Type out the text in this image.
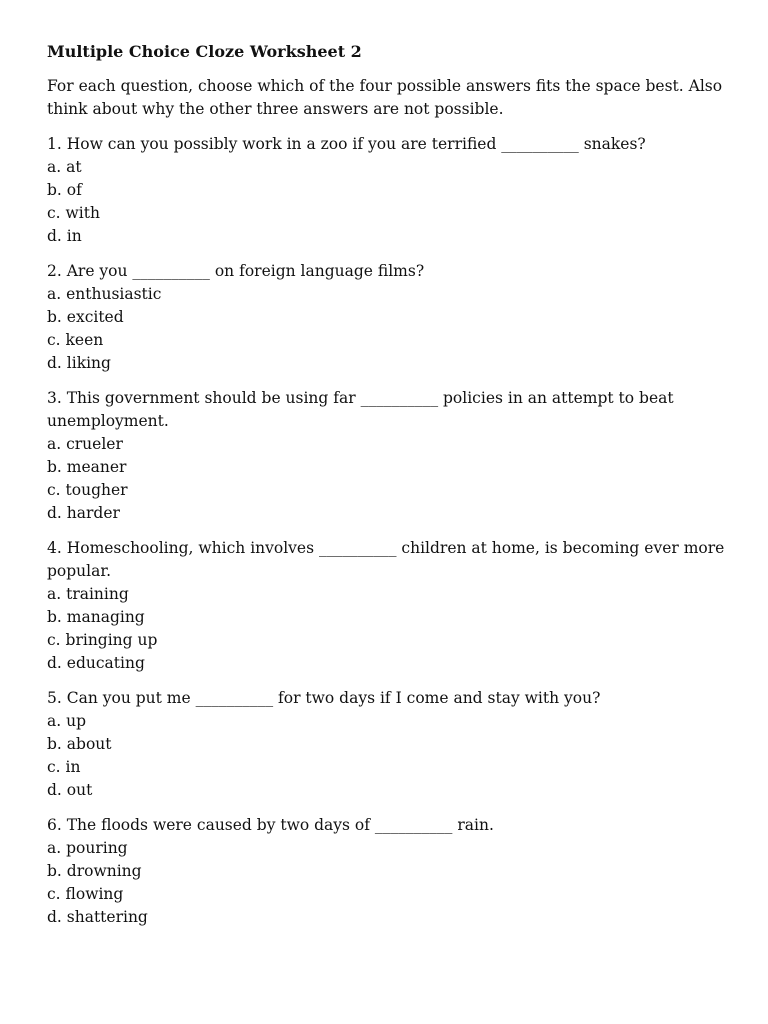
Multiple Choice Cloze Worksheet 2
For each question, choose which of the four possible answers fits the space best. Also think about why the other three answers are not possible.
1. How can you possibly work in a zoo if you are terrified __________ snakes?
a. at
b. of
c. with
d. in
2. Are you __________ on foreign language films?
a. enthusiastic
b. excited
c. keen
d. liking
3. This government should be using far __________ policies in an attempt to beat unemployment.
a. crueler
b. meaner
c. tougher
d. harder
4. Homeschooling, which involves __________ children at home, is becoming ever more popular.
a. training
b. managing
c. bringing up
d. educating
5. Can you put me __________ for two days if I come and stay with you?
a. up
b. about
c. in
d. out
6. The floods were caused by two days of __________ rain.
a. pouring
b. drowning
c. flowing
d. shattering
